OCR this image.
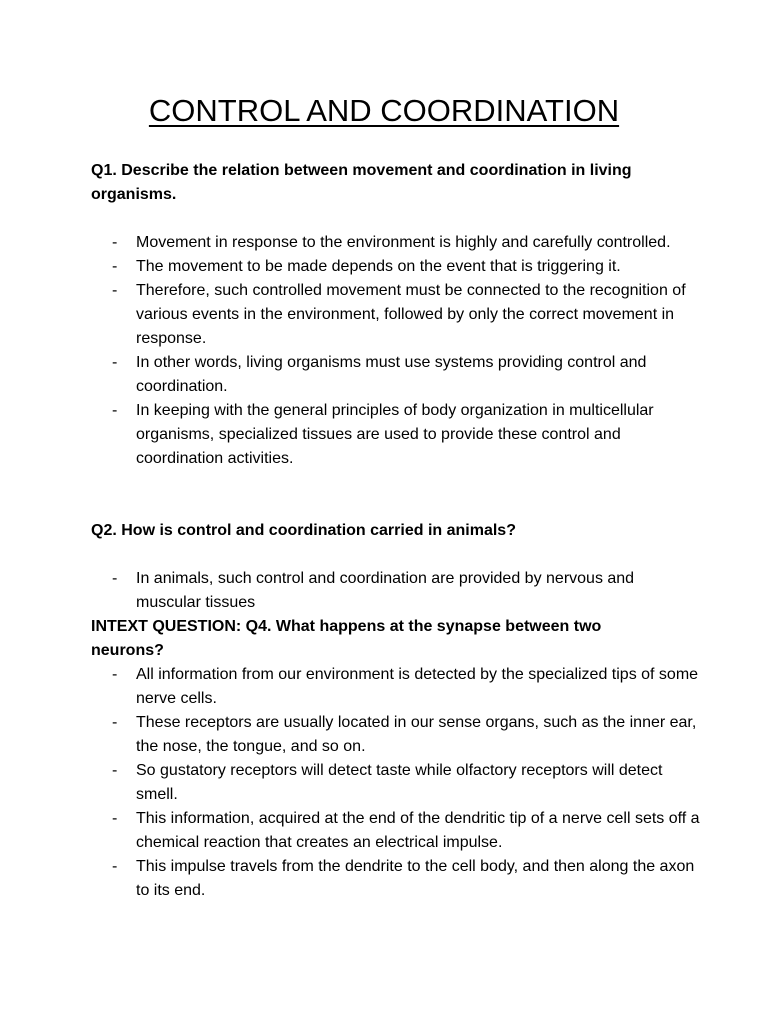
CONTROL AND COORDINATION
Q1. Describe the relation between movement and coordination in living organisms.
- Movement in response to the environment is highly and carefully controlled.
- The movement to be made depends on the event that is triggering it.
- Therefore, such controlled movement must be connected to the recognition of various events in the environment, followed by only the correct movement in response.
- In other words, living organisms must use systems providing control and coordination.
- In keeping with the general principles of body organization in multicellular organisms, specialized tissues are used to provide these control and coordination activities.
Q2. How is control and coordination carried in animals?
- In animals, such control and coordination are provided by nervous and muscular tissues
INTEXT QUESTION: Q4. What happens at the synapse between two neurons?
- All information from our environment is detected by the specialized tips of some nerve cells.
- These receptors are usually located in our sense organs, such as the inner ear, the nose, the tongue, and so on.
- So gustatory receptors will detect taste while olfactory receptors will detect smell.
- This information, acquired at the end of the dendritic tip of a nerve cell sets off a chemical reaction that creates an electrical impulse.
- This impulse travels from the dendrite to the cell body, and then along the axon to its end.
